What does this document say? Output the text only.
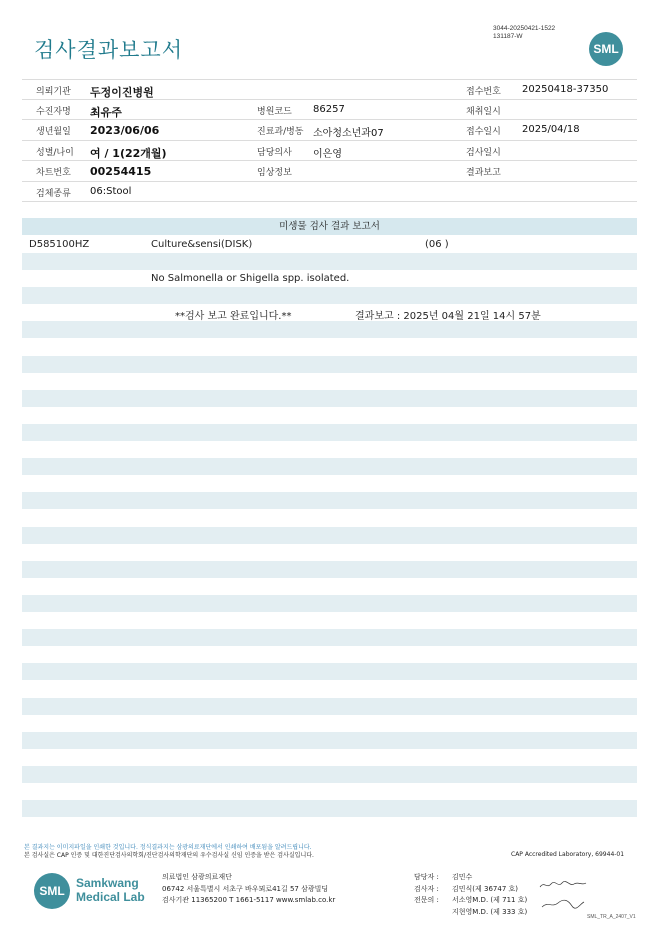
검사결과보고서
3044-20250421-1522
131187-W
SML
의뢰기관 두정이진병원	접수번호 20250418-37350
수진자명 최유주	병원코드 86257	채취일시
생년월일 2023/06/06	진료과/병동 소아청소년과07	접수일시 2025/04/18
성별/나이 여 / 1(22개월)	담당의사 이은영	검사일시
차트번호 00254415	임상정보	결과보고
검체종류 06:Stool
미생물 검사 결과 보고서
D585100HZ	Culture&sensi(DISK)	(06 )
No Salmonella or Shigella spp. isolated.
**검사 보고 완료입니다.**	결과보고 : 2025년 04월 21일 14시 57분
본 결과지는 이미지파일을 인쇄한 것입니다. 정식결과지는 삼광의료재단에서 인쇄하여 배포됨을 알려드립니다.
본 검사실은 CAP 인증 및 대한진단검사의학회/진단검사의학재단의 우수검사실 신임 인증을 받은 검사실입니다.	CAP Accredited Laboratory, 69944-01
SML
Samkwang
Medical Lab
의료법인 삼광의료재단
06742 서울특별시 서초구 바우뫼로41길 57 삼광빌딩
검사기관 11365200 T 1661-5117 www.smlab.co.kr
담당자 : 김민수
검사자 : 김민식(제 36747 호)
전문의 : 서소영M.D. (제 711 호)
지현영M.D. (제 333 호)
SML_TR_A_2407_V1
